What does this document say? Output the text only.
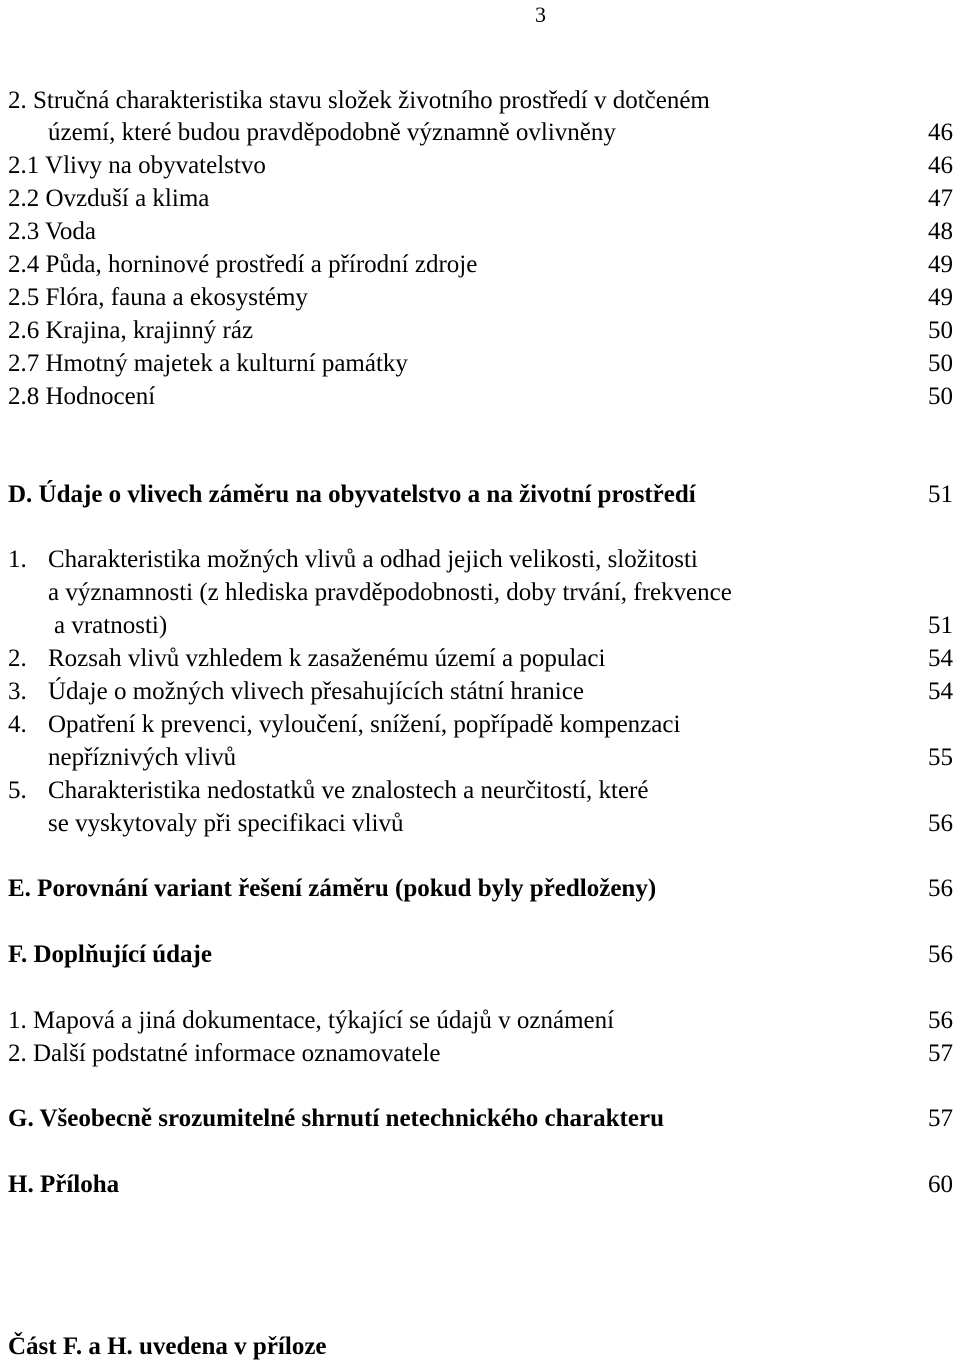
3
2. Stručná charakteristika stavu složek životního prostředí v dotčeném
území, které budou pravděpodobně významně ovlivněny	46
2.1 Vlivy na obyvatelstvo	46
2.2 Ovzduší a klima	47
2.3 Voda	48
2.4 Půda, horninové prostředí a přírodní zdroje	49
2.5 Flóra, fauna a ekosystémy	49
2.6 Krajina, krajinný ráz	50
2.7 Hmotný majetek a kulturní památky	50
2.8 Hodnocení	50
D. Údaje o vlivech záměru na obyvatelstvo a na životní prostředí	51
1. Charakteristika možných vlivů a odhad jejich velikosti, složitosti
a významnosti (z hlediska pravděpodobnosti, doby trvání, frekvence
a vratnosti)	51
2. Rozsah vlivů vzhledem k zasaženému území a populaci	54
3. Údaje o možných vlivech přesahujících státní hranice	54
4. Opatření k prevenci, vyloučení, snížení, popřípadě kompenzaci
nepříznivých vlivů	55
5. Charakteristika nedostatků ve znalostech a neurčitostí, které
se vyskytovaly při specifikaci vlivů	56
E. Porovnání variant řešení záměru (pokud byly předloženy)	56
F. Doplňující údaje	56
1. Mapová a jiná dokumentace, týkající se údajů v oznámení	56
2. Další podstatné informace oznamovatele	57
G. Všeobecně srozumitelné shrnutí netechnického charakteru	57
H. Příloha	60
Část F. a H. uvedena v příloze
